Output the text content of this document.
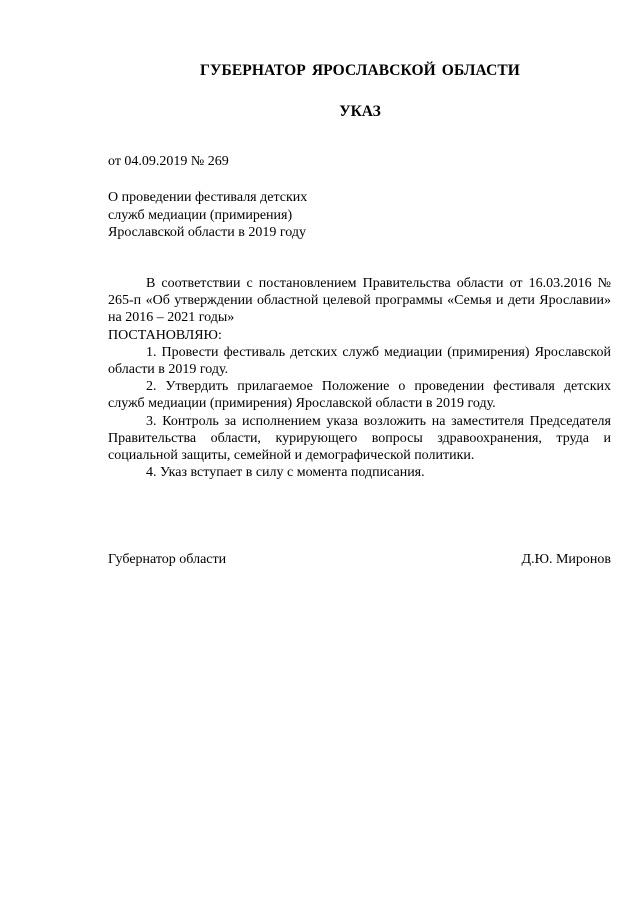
ГУБЕРНАТОР ЯРОСЛАВСКОЙ ОБЛАСТИ
УКАЗ
от 04.09.2019 № 269
О проведении фестиваля детских
служб медиации (примирения)
Ярославской области в 2019 году

В соответствии с постановлением Правительства области от 16.03.2016 № 265-п «Об утверждении областной целевой программы «Семья и дети Ярославии» на 2016 – 2021 годы»

ПОСТАНОВЛЯЮ:

1. Провести фестиваль детских служб медиации (примирения) Ярославской области в 2019 году.

2. Утвердить прилагаемое Положение о проведении фестиваля детских служб медиации (примирения) Ярославской области в 2019 году.

3. Контроль за исполнением указа возложить на заместителя Председателя Правительства области, курирующего вопросы здравоохранения, труда и социальной защиты, семейной и демографической политики.

4. Указ вступает в силу с момента подписания.

Губернатор области	Д.Ю. Миронов
